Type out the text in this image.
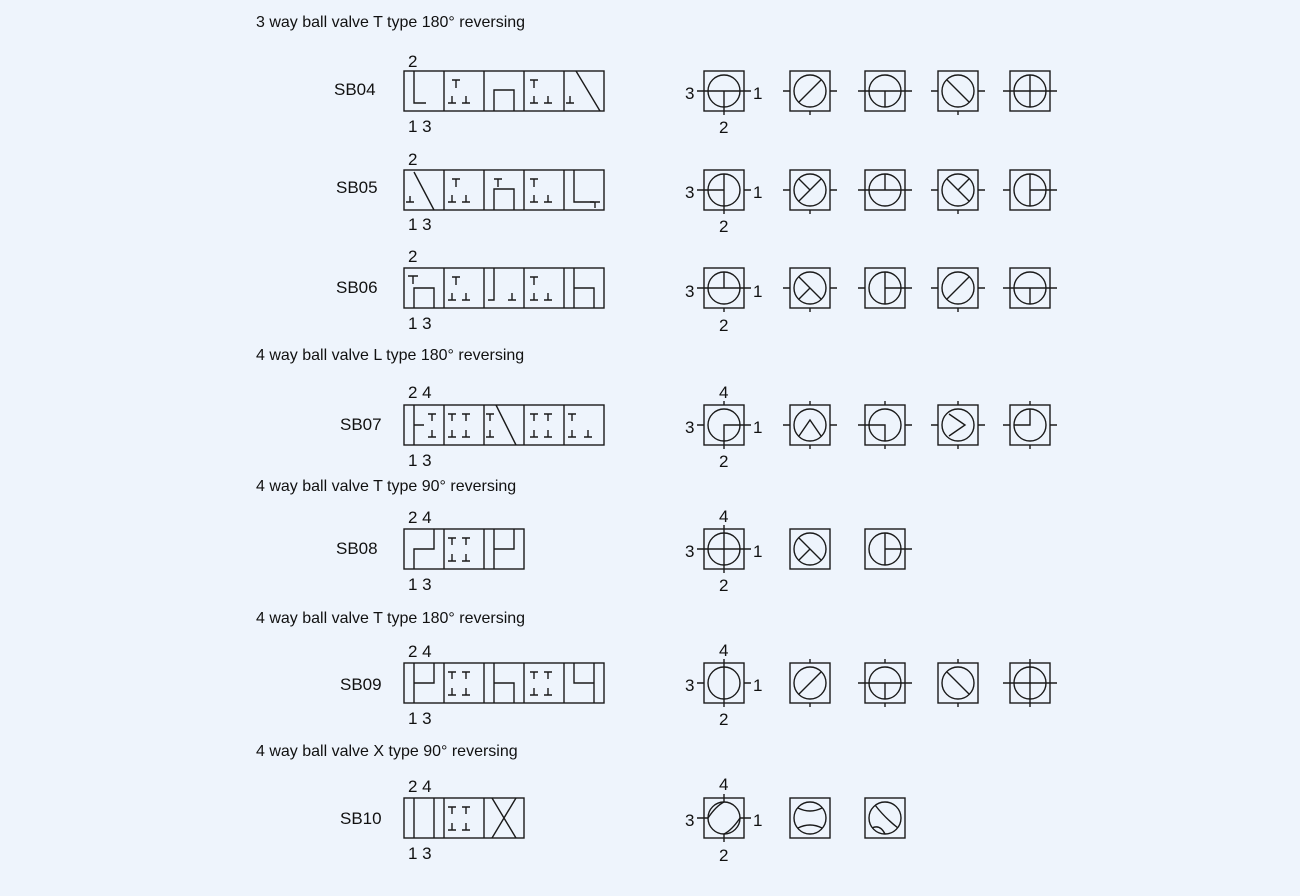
3 way ball valve T type 180° reversing
4 way ball valve L type 180° reversing
4 way ball valve T type 90° reversing
4 way ball valve T type 180° reversing
4 way ball valve X type 90° reversing
SB04
2
1 3
3	1
2
SB05
2
1 3
3	1
2
SB06
2
1 3
3	1
2
SB07
2 4
1 3
4
3	1
2
SB08
2 4
1 3
4
3	1
2
SB09
2 4
1 3
4
3	1
2
SB10
2 4
1 3
4
3	1
2
